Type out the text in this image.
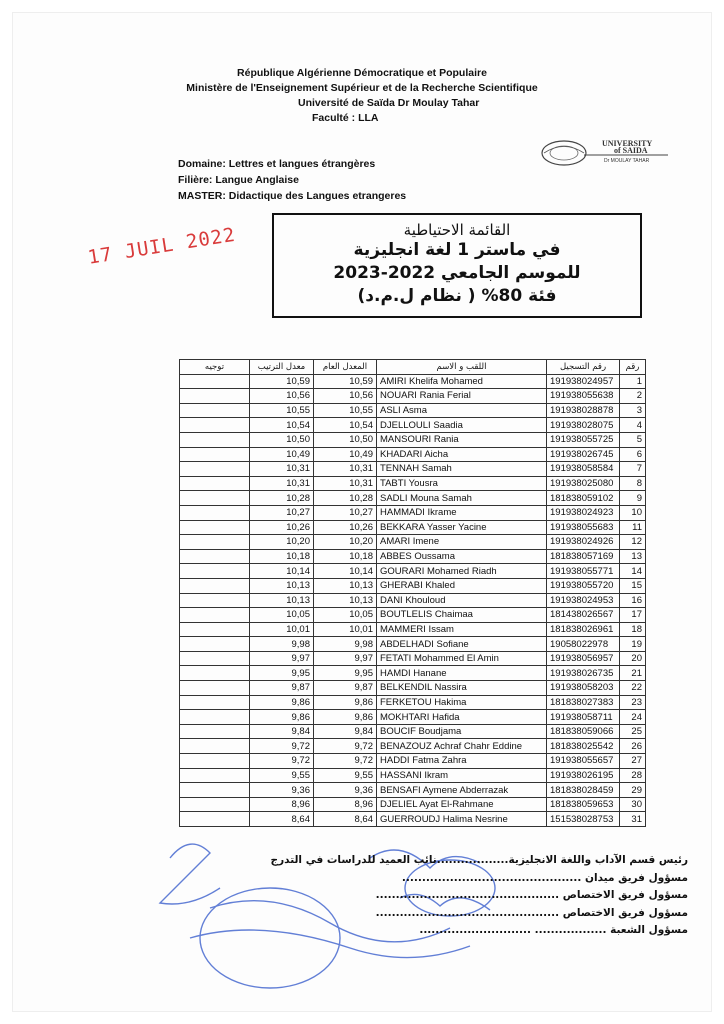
République Algérienne Démocratique et Populaire
Ministère de l'Enseignement Supérieur et de la Recherche Scientifique
Université de Saïda Dr Moulay Tahar
Faculté : LLA
UNIVERSITY
of SAIDA
Dr MOULAY TAHAR
Domaine: Lettres et langues étrangères
Filière: Langue Anglaise
MASTER: Didactique des Langues etrangeres
17 JUIL 2022	القائمة الاحتياطية
في ماستر 1 لغة انجليزية
للموسم الجامعي 2022-2023
فئة 80% ( نظام ل.م.د)
توجيه	معدل الترتيب	المعدل العام	اللقب و الاسم	رقم التسجيل	رقم
	10,59	10,59	AMIRI Khelifa Mohamed	191938024957	1
	10,56	10,56	NOUARI Rania Ferial	191938055638	2
	10,55	10,55	ASLI Asma	191938028878	3
	10,54	10,54	DJELLOULI Saadia	191938028075	4
	10,50	10,50	MANSOURI Rania	191938055725	5
	10,49	10,49	KHADARI Aicha	191938026745	6
	10,31	10,31	TENNAH Samah	191938058584	7
	10,31	10,31	TABTI Yousra	191938025080	8
	10,28	10,28	SADLI Mouna Samah	181838059102	9
	10,27	10,27	HAMMADI Ikrame	191938024923	10
	10,26	10,26	BEKKARA Yasser Yacine	191938055683	11
	10,20	10,20	AMARI Imene	191938024926	12
	10,18	10,18	ABBES Oussama	181838057169	13
	10,14	10,14	GOURARI Mohamed Riadh	191938055771	14
	10,13	10,13	GHERABI Khaled	191938055720	15
	10,13	10,13	DANI Khouloud	191938024953	16
	10,05	10,05	BOUTLELIS Chaimaa	181438026567	17
	10,01	10,01	MAMMERI Issam	181838026961	18
	9,98	9,98	ABDELHADI Sofiane	19058022978	19
	9,97	9,97	FETATI Mohammed El Amin	191938056957	20
	9,95	9,95	HAMDI Hanane	191938026735	21
	9,87	9,87	BELKENDIL Nassira	191938058203	22
	9,86	9,86	FERKETOU Hakima	181838027383	23
	9,86	9,86	MOKHTARI Hafida	191938058711	24
	9,84	9,84	BOUCIF Boudjama	181838059066	25
	9,72	9,72	BENAZOUZ Achraf Chahr Eddine	181838025542	26
	9,72	9,72	HADDI Fatma Zahra	191938055657	27
	9,55	9,55	HASSANI Ikram	191938026195	28
	9,36	9,36	BENSAFI Aymene Abderrazak	181838028459	29
	8,96	8,96	DJELIEL Ayat El-Rahmane	181838059653	30
	8,64	8,64	GUERROUDJ Halima Nesrine	151538028753	31
رئيس قسم الآداب واللغة الانجليزية..................نائب العميد للدراسات في التدرج
مسؤول فريق ميدان .............................................
مسؤول فريق الاختصاص ..............................................
مسؤول فريق الاختصاص ..............................................
مسؤول الشعبة .................. ............................
